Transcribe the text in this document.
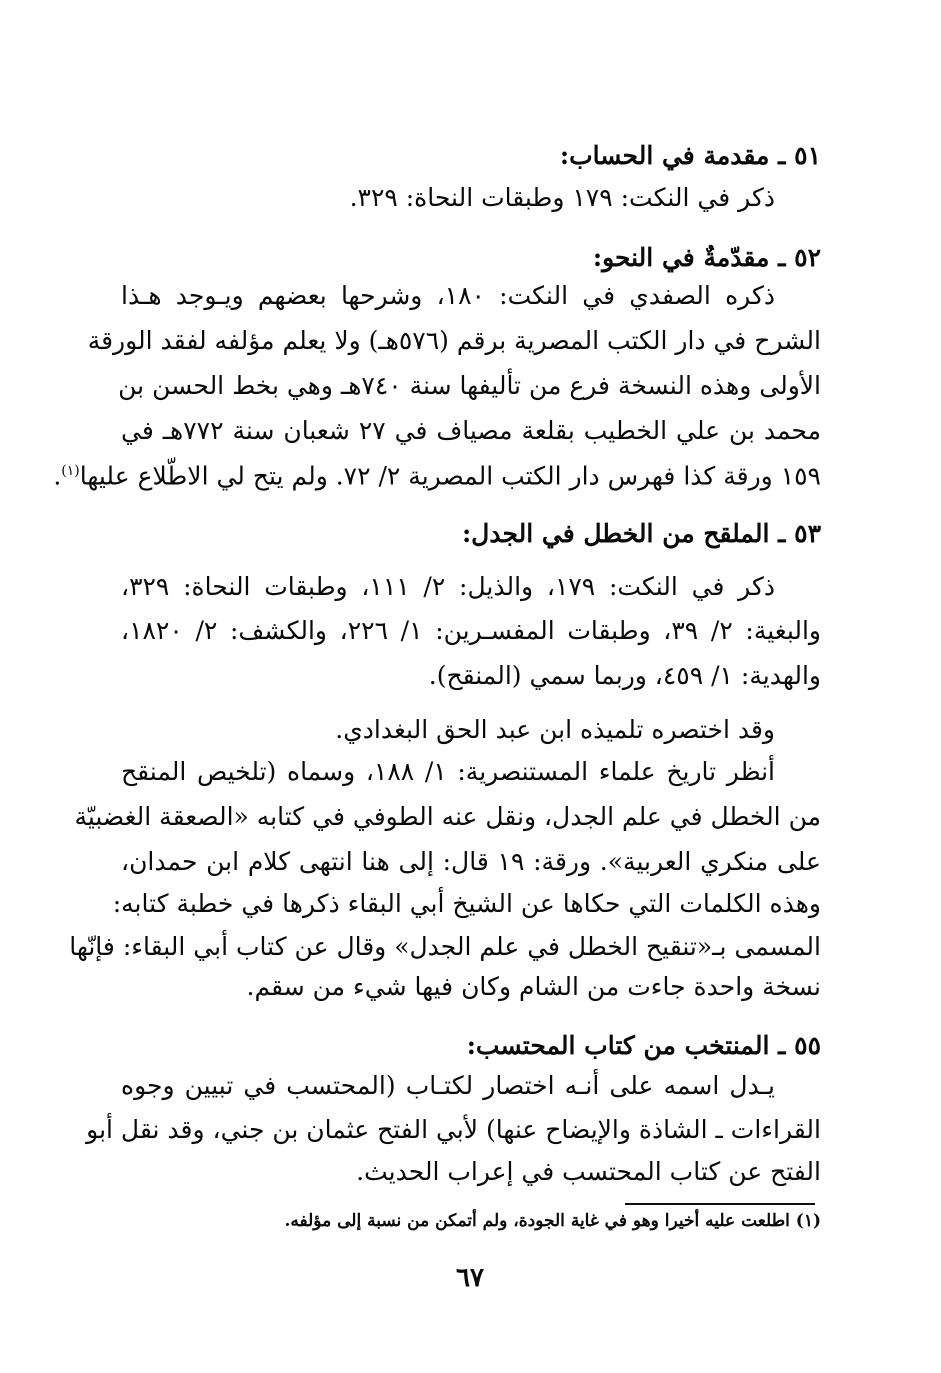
٥١ ـ مقدمة في الحساب:
ذكر في النكت: ١٧٩ وطبقات النحاة: ٣٢٩.
٥٢ ـ مقدّمةٌ في النحو:
ذكره الصفدي في النكت: ١٨٠، وشرحها بعضهم ويـوجد هـذا
الشرح في دار الكتب المصرية برقم (٥٧٦هـ) ولا يعلم مؤلفه لفقد الورقة
الأولى وهذه النسخة فرع من تأليفها سنة ٧٤٠هـ وهي بخط الحسن بن
محمد بن علي الخطيب بقلعة مصياف في ٢٧ شعبان سنة ٧٧٢هـ في
١٥٩ ورقة كذا فهرس دار الكتب المصرية ٢/ ٧٢. ولم يتح لي الاطّلاع عليها$^{(١)}$.
٥٣ ـ الملقح من الخطل في الجدل:
ذكر في النكت: ١٧٩، والذيل: ٢/ ١١١، وطبقات النحاة: ٣٢٩،
والبغية: ٢/ ٣٩، وطبقات المفسـرين: ١/ ٢٢٦، والكشف: ٢/ ١٨٢٠،
والهدية: ١/ ٤٥٩، وربما سمي (المنقح).
وقد اختصره تلميذه ابن عبد الحق البغدادي.
أنظر تاريخ علماء المستنصرية: ١/ ١٨٨، وسماه (تلخيص المنقح
من الخطل في علم الجدل، ونقل عنه الطوفي في كتابه «الصعقة الغضبيّة
على منكري العربية». ورقة: ١٩ قال: إلى هنا انتهى كلام ابن حمدان،
وهذه الكلمات التي حكاها عن الشيخ أبي البقاء ذكرها في خطبة كتابه:
المسمى بـ«تنقيح الخطل في علم الجدل» وقال عن كتاب أبي البقاء: فإنّها
نسخة واحدة جاءت من الشام وكان فيها شيء من سقم.
٥٥ ـ المنتخب من كتاب المحتسب:
يـدل اسمه على أنـه اختصار لكتـاب (المحتسب في تبيين وجوه
القراءات ـ الشاذة والإيضاح عنها) لأبي الفتح عثمان بن جني، وقد نقل أبو
الفتح عن كتاب المحتسب في إعراب الحديث.
(١) اطلعت عليه أخيرا وهو في غاية الجودة، ولم أتمكن من نسبة إلى مؤلفه.
٦٧
